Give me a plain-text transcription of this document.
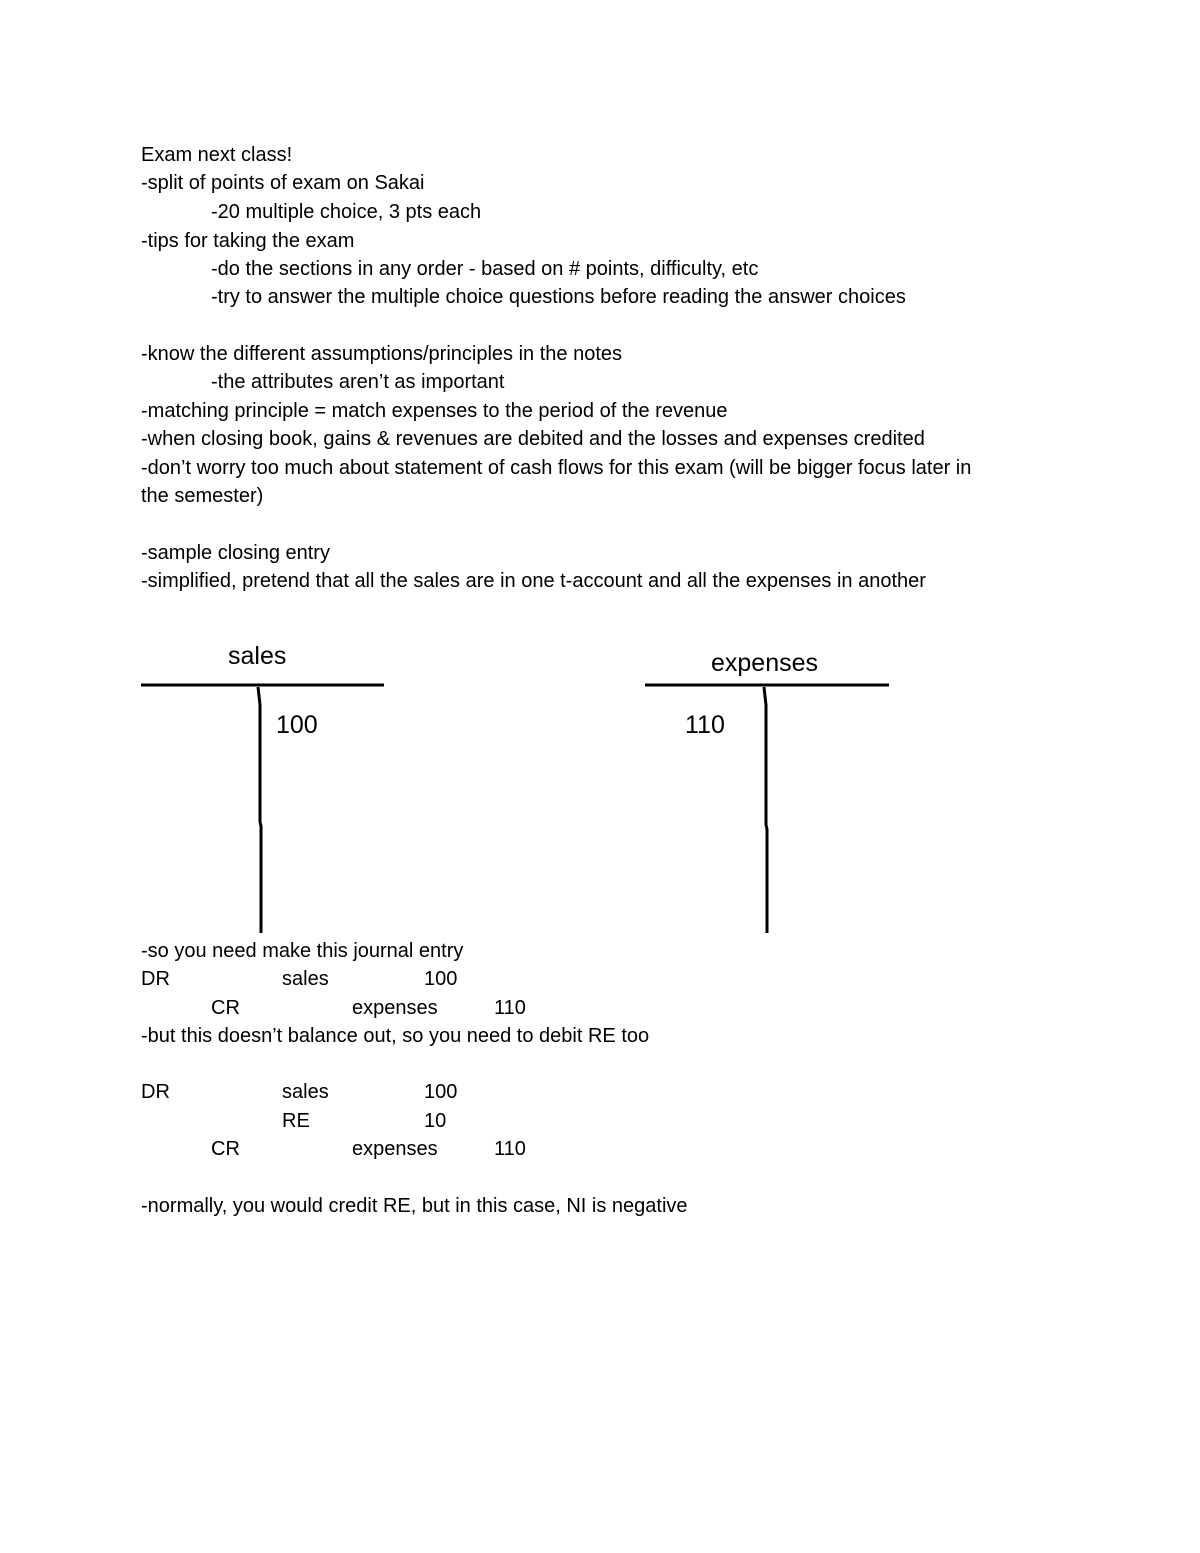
Exam next class!
-split of points of exam on Sakai
-20 multiple choice, 3 pts each
-tips for taking the exam
-do the sections in any order - based on # points, difficulty, etc
-try to answer the multiple choice questions before reading the answer choices
-know the different assumptions/principles in the notes
-the attributes aren’t as important
-matching principle = match expenses to the period of the revenue
-when closing book, gains & revenues are debited and the losses and expenses credited
-don’t worry too much about statement of cash flows for this exam (will be bigger focus later in
the semester)
-sample closing entry
-simplified, pretend that all the sales are in one t-account and all the expenses in another
sales
100
expenses
110
-so you need make this journal entry
DR	sales	100
CR	expenses	110
-but this doesn’t balance out, so you need to debit RE too
DR	sales	100
RE	10
CR	expenses	110
-normally, you would credit RE, but in this case, NI is negative
